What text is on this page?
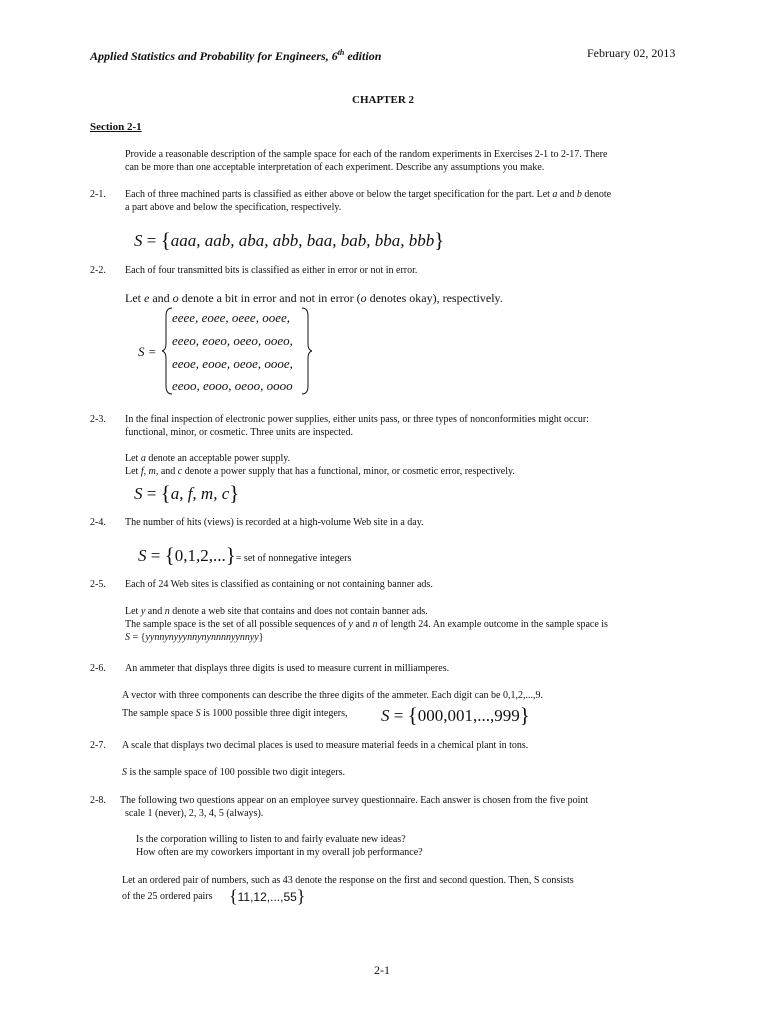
Applied Statistics and Probability for Engineers, 6th edition	February 02, 2013
CHAPTER 2
Section 2-1
Provide a reasonable description of the sample space for each of the random experiments in Exercises 2-1 to 2-17. There
can be more than one acceptable interpretation of each experiment. Describe any assumptions you make.
2-1. Each of three machined parts is classified as either above or below the target specification for the part. Let a and b denote
a part above and below the specification, respectively.
S = {aaa, aab, aba, abb, baa, bab, bba, bbb}
2-2. Each of four transmitted bits is classified as either in error or not in error.
Let e and o denote a bit in error and not in error (o denotes okay), respectively.
S =
eeee, eoee, oeee, ooee,
eeeo, eoeo, oeeo, ooeo,
eeoe, eooe, oeoe, oooe,
eeoo, eooo, oeoo, oooo
2-3. In the final inspection of electronic power supplies, either units pass, or three types of nonconformities might occur:
functional, minor, or cosmetic. Three units are inspected.
Let a denote an acceptable power supply.
Let f, m, and c denote a power supply that has a functional, minor, or cosmetic error, respectively.
S = {a, f, m, c}
2-4. The number of hits (views) is recorded at a high-volume Web site in a day.
S = {0,1,2,...}= set of nonnegative integers
2-5. Each of 24 Web sites is classified as containing or not containing banner ads.
Let y and n denote a web site that contains and does not contain banner ads.
The sample space is the set of all possible sequences of y and n of length 24. An example outcome in the sample space is
S = {yynnynyyynnynynnnnyynnyy}
2-6. An ammeter that displays three digits is used to measure current in milliamperes.
A vector with three components can describe the three digits of the ammeter. Each digit can be 0,1,2,...,9.
The sample space S is 1000 possible three digit integers, S = {000,001,...,999}
2-7. A scale that displays two decimal places is used to measure material feeds in a chemical plant in tons.
S is the sample space of 100 possible two digit integers.
2-8. The following two questions appear on an employee survey questionnaire. Each answer is chosen from the five point
scale 1 (never), 2, 3, 4, 5 (always).
Is the corporation willing to listen to and fairly evaluate new ideas?
How often are my coworkers important in my overall job performance?
Let an ordered pair of numbers, such as 43 denote the response on the first and second question. Then, S consists
of the 25 ordered pairs {11,12,...,55}
2-1
